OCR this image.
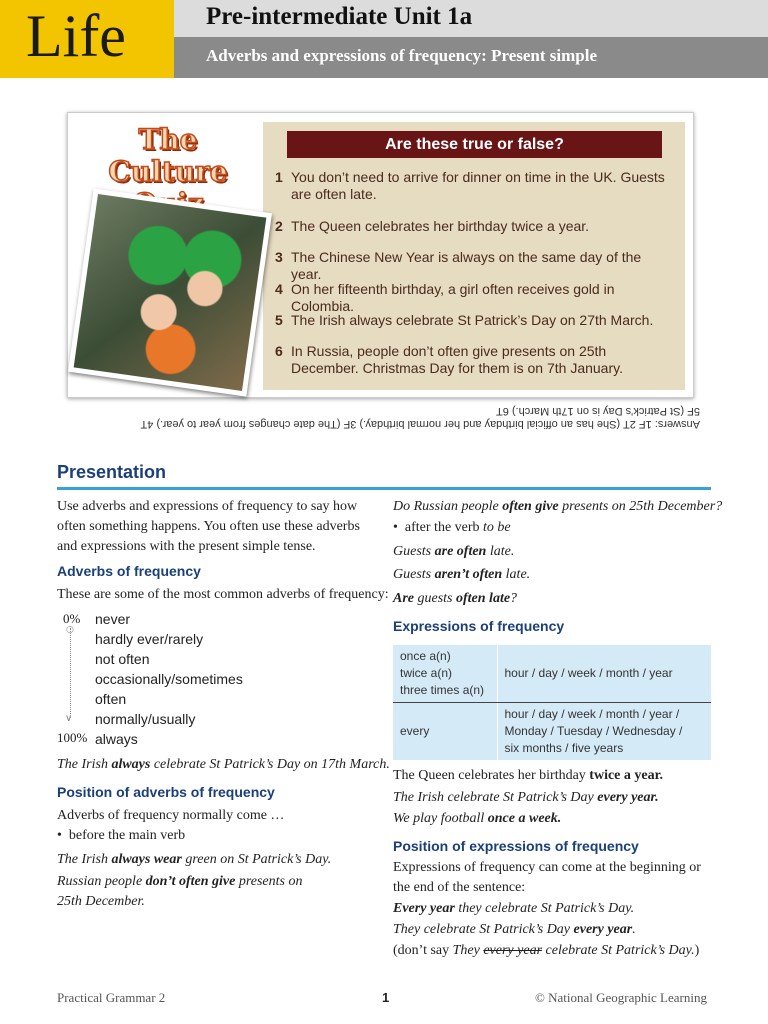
Life	Pre-intermediate Unit 1a
Adverbs and expressions of frequency: Present simple
The Culture
Are these true or false?
1 You don’t need to arrive for dinner on time in the UK. Guests are often late.
2 The Queen celebrates her birthday twice a year.
3 The Chinese New Year is always on the same day of the year.
4 On her fifteenth birthday, a girl often receives gold in Colombia.
5 The Irish always celebrate St Patrick’s Day on 27th March.
6 In Russia, people don’t often give presents on 25th December. Christmas Day for them is on 7th January.
Answers: 1F 2T (She has an official birthday and her normal birthday.) 3F (The date changes from year to year.) 4T
5F (St Patrick’s Day is on 17th March.) 6T
Presentation
Use adverbs and expressions of frequency to say how often something happens. You often use these adverbs and expressions with the present simple tense.
Adverbs of frequency
These are some of the most common adverbs of frequency:
0%
○
∨
100%
never
hardly ever/rarely
not often
occasionally/sometimes
often
normally/usually
always
The Irish always celebrate St Patrick’s Day on 17th March.
Position of adverbs of frequency
Adverbs of frequency normally come …
•  before the main verb
The Irish always wear green on St Patrick’s Day.
Russian people don’t often give presents on
25th December.
Do Russian people often give presents on 25th December?
•  after the verb to be
Guests are often late.
Guests aren’t often late.
Are guests often late?
Expressions of frequency
once a(n)
twice a(n)
three times a(n)	hour / day / week / month / year
every	hour / day / week / month / year /
Monday / Tuesday / Wednesday /
six months / five years
The Queen celebrates her birthday twice a year.
The Irish celebrate St Patrick’s Day every year.
We play football once a week.
Position of expressions of frequency
Expressions of frequency can come at the beginning or the end of the sentence:
Every year they celebrate St Patrick’s Day.
They celebrate St Patrick’s Day every year.
(don’t say They every year celebrate St Patrick’s Day.)
Practical Grammar 2	1	© National Geographic Learning
